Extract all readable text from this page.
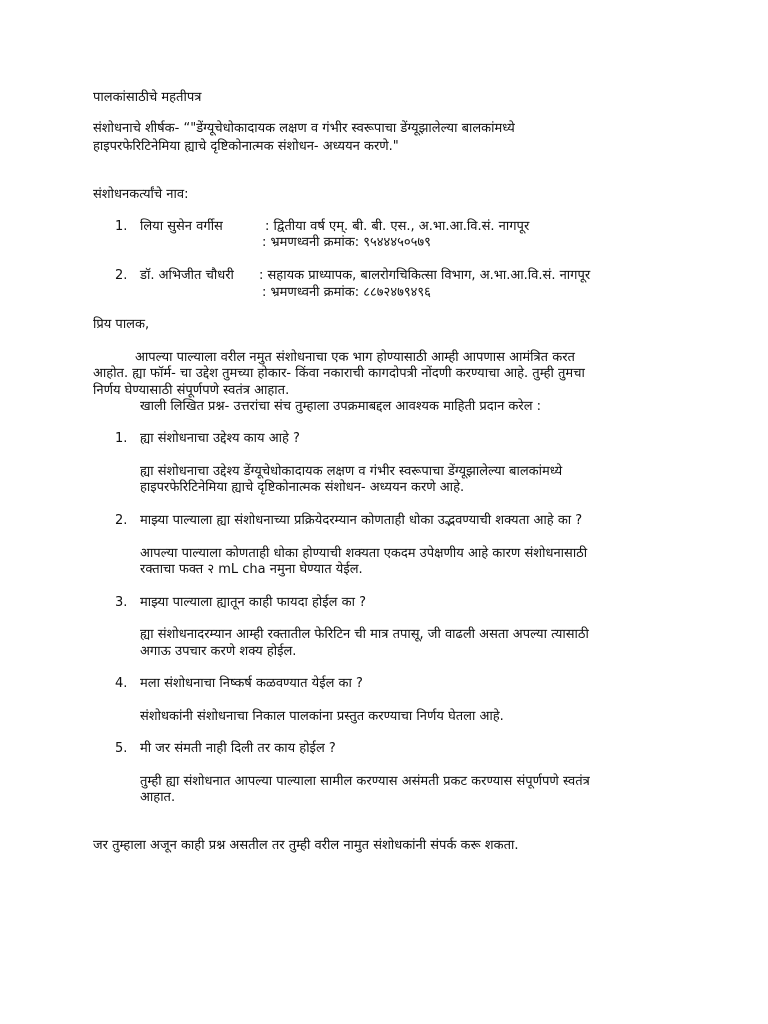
पालकांसाठीचे महतीपत्र
संशोधनाचे शीर्षक- “"डेंग्यूचेधोकादायक लक्षण व गंभीर स्वरूपाचा डेंग्यूझालेल्या बालकांमध्ये
हाइपरफेरिटिनेमिया ह्याचे दृष्टिकोनात्मक संशोधन- अध्ययन करणे."
संशोधनकर्त्यांचे नाव:
1. लिया सुसेन वर्गीस	: द्वितीया वर्ष एम्. बी. बी. एस., अ.भा.आ.वि.सं. नागपूर
: भ्रमणध्वनी क्रमांक: ९५४४४५०५७९
2. डॉ. अभिजीत चौधरी : सहायक प्राध्यापक, बालरोगचिकित्सा विभाग, अ.भा.आ.वि.सं. नागपूर
: भ्रमणध्वनी क्रमांक: ८८७२४७९४९६
प्रिय पालक,
आपल्या पाल्याला वरील नमुत संशोधनाचा एक भाग होण्यासाठी आम्ही आपणास आमंत्रित करत
आहोत. ह्या फॉर्म- चा उद्देश तुमच्या होकार- किंवा नकाराची कागदोपत्री नोंदणी करण्याचा आहे. तुम्ही तुमचा
निर्णय घेण्यासाठी संपूर्णपणे स्वतंत्र आहात.
खाली लिखित प्रश्न- उत्तरांचा संच तुम्हाला उपक्रमाबद्दल आवश्यक माहिती प्रदान करेल :
1. ह्या संशोधनाचा उद्देश्य काय आहे ?
ह्या संशोधनाचा उद्देश्य डेंग्यूचेधोकादायक लक्षण व गंभीर स्वरूपाचा डेंग्यूझालेल्या बालकांमध्ये
हाइपरफेरिटिनेमिया ह्याचे दृष्टिकोनात्मक संशोधन- अध्ययन करणे आहे.
2. माझ्या पाल्याला ह्या संशोधनाच्या प्रक्रियेदरम्यान कोणताही धोका उद्भवण्याची शक्यता आहे का ?
आपल्या पाल्याला कोणताही धोका होण्याची शक्यता एकदम उपेक्षणीय आहे कारण संशोधनासाठी
रक्ताचा फक्त २ mL cha नमुना घेण्यात येईल.
3. माझ्या पाल्याला ह्यातून काही फायदा होईल का ?
ह्या संशोधनादरम्यान आम्ही रक्तातील फेरिटिन ची मात्र तपासू, जी वाढली असता अपल्या त्यासाठी
अगाऊ उपचार करणे शक्य होईल.
4. मला संशोधनाचा निष्कर्ष कळवण्यात येईल का ?
संशोधकांनी संशोधनाचा निकाल पालकांना प्रस्तुत करण्याचा निर्णय घेतला आहे.
5. मी जर संमती नाही दिली तर काय होईल ?
तुम्ही ह्या संशोधनात आपल्या पाल्याला सामील करण्यास असंमती प्रकट करण्यास संपूर्णपणे स्वतंत्र
आहात.
जर तुम्हाला अजून काही प्रश्न असतील तर तुम्ही वरील नामुत संशोधकांनी संपर्क करू शकता.
